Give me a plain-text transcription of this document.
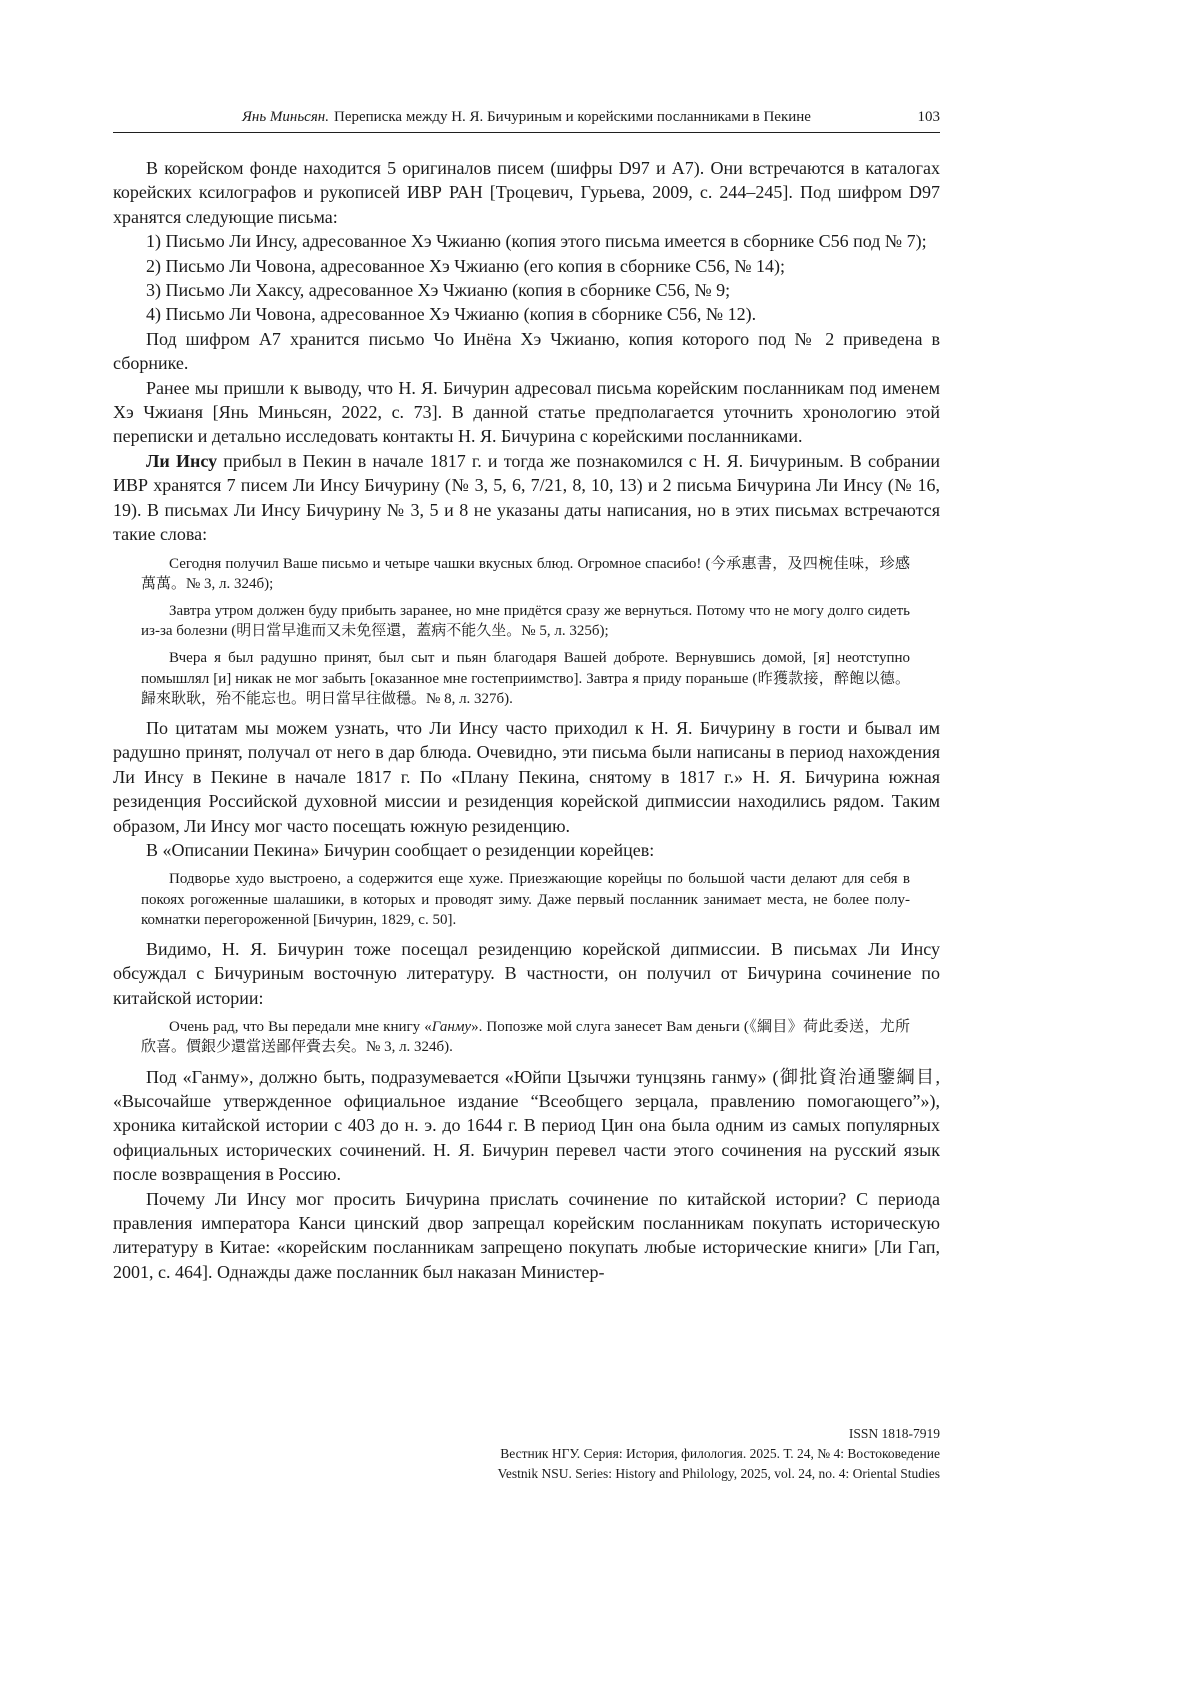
Янь Миньсян. Переписка между Н. Я. Бичуриным и корейскими посланниками в Пекине	103

В корейском фонде находится 5 оригиналов писем (шифры D97 и A7). Они встречаются в каталогах корейских ксилографов и рукописей ИВР РАН [Троцевич, Гурьева, 2009, с. 244–245]. Под шифром D97 хранятся следующие письма:

1) Письмо Ли Инсу, адресованное Хэ Чжианю (копия этого письма имеется в сборнике C56 под № 7);

2) Письмо Ли Човона, адресованное Хэ Чжианю (его копия в сборнике C56, № 14);

3) Письмо Ли Хаксу, адресованное Хэ Чжианю (копия в сборнике C56, № 9;

4) Письмо Ли Човона, адресованное Хэ Чжианю (копия в сборнике C56, № 12).

Под шифром A7 хранится письмо Чо Инёна Хэ Чжианю, копия которого под № 2 приведена в сборнике.

Ранее мы пришли к выводу, что Н. Я. Бичурин адресовал письма корейским посланникам под именем Хэ Чжианя [Янь Миньсян, 2022, с. 73]. В данной статье предполагается уточнить хронологию этой переписки и детально исследовать контакты Н. Я. Бичурина с корейскими посланниками.

Ли Инсу прибыл в Пекин в начале 1817 г. и тогда же познакомился с Н. Я. Бичуриным. В собрании ИВР хранятся 7 писем Ли Инсу Бичурину (№ 3, 5, 6, 7/21, 8, 10, 13) и 2 письма Бичурина Ли Инсу (№ 16, 19). В письмах Ли Инсу Бичурину № 3, 5 и 8 не указаны даты написания, но в этих письмах встречаются такие слова:

Сегодня получил Ваше письмо и четыре чашки вкусных блюд. Огромное спасибо! (今承惠書，及四椀佳味，珍感萬萬。№ 3, л. 324б);
Завтра утром должен буду прибыть заранее, но мне придётся сразу же вернуться. Потому что не могу долго сидеть из-за болезни (明日當早進而又未免徑還，蓋病不能久坐。№ 5, л. 325б);
Вчера я был радушно принят, был сыт и пьян благодаря Вашей доброте. Вернувшись домой, [я] неотступно помышлял [и] никак не мог забыть [оказанное мне гостеприимство]. Завтра я приду пораньше (昨獲款接，醉飽以德。歸來耿耿，殆不能忘也。明日當早往做穩。№ 8, л. 327б).

По цитатам мы можем узнать, что Ли Инсу часто приходил к Н. Я. Бичурину в гости и бывал им радушно принят, получал от него в дар блюда. Очевидно, эти письма были написаны в период нахождения Ли Инсу в Пекине в начале 1817 г. По «Плану Пекина, снятому в 1817 г.» Н. Я. Бичурина южная резиденция Российской духовной миссии и резиденция корейской дипмиссии находились рядом. Таким образом, Ли Инсу мог часто посещать южную резиденцию.

В «Описании Пекина» Бичурин сообщает о резиденции корейцев:

Подворье худо выстроено, а содержится еще хуже. Приезжающие корейцы по большой части делают для себя в покоях рогоженные шалашики, в которых и проводят зиму. Даже первый посланник занимает места, не более полу-комнатки перегороженной [Бичурин, 1829, с. 50].

Видимо, Н. Я. Бичурин тоже посещал резиденцию корейской дипмиссии. В письмах Ли Инсу обсуждал с Бичуриным восточную литературу. В частности, он получил от Бичурина сочинение по китайской истории:

Очень рад, что Вы передали мне книгу «Ганму». Попозже мой слуга занесет Вам деньги (《綱目》荷此委送，尤所欣喜。價銀少還當送鄙伻賫去矣。№ 3, л. 324б).

Под «Ганму», должно быть, подразумевается «Юйпи Цзычжи тунцзянь ганму» (御批資治通鑒綱目, «Высочайше утвержденное официальное издание “Всеобщего зерцала, правлению помогающего”»), хроника китайской истории с 403 до н. э. до 1644 г. В период Цин она была одним из самых популярных официальных исторических сочинений. Н. Я. Бичурин перевел части этого сочинения на русский язык после возвращения в Россию.

Почему Ли Инсу мог просить Бичурина прислать сочинение по китайской истории? С периода правления императора Канси цинский двор запрещал корейским посланникам покупать историческую литературу в Китае: «корейским посланникам запрещено покупать любые исторические книги» [Ли Гап, 2001, с. 464]. Однажды даже посланник был наказан Министер-

ISSN 1818-7919
Вестник НГУ. Серия: История, филология. 2025. Т. 24, № 4: Востоковедение
Vestnik NSU. Series: History and Philology, 2025, vol. 24, no. 4: Oriental Studies
